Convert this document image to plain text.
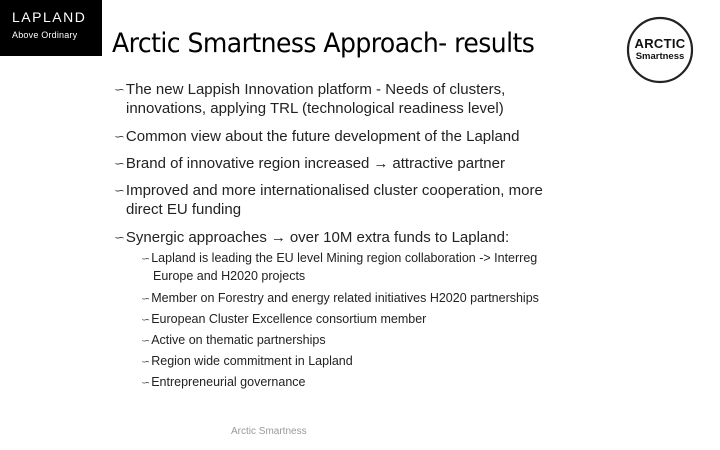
LAPLAND
Above Ordinary
ARCTIC
Smartness
Arctic Smartness Approach- results
∽The new Lappish Innovation platform - Needs of clusters,
innovations, applying TRL (technological readiness level)
∽Common view about the future development of the Lapland
∽Brand of innovative region increased → attractive partner
∽Improved and more internationalised cluster cooperation, more
direct EU funding
∽Synergic approaches → over 10M extra funds to Lapland:
∽Lapland is leading the EU level Mining region collaboration -> Interreg
Europe and H2020 projects
∽Member on Forestry and energy related initiatives H2020 partnerships
∽European Cluster Excellence consortium member
∽Active on thematic partnerships
∽Region wide commitment in Lapland
∽Entrepreneurial governance
Arctic Smartness
